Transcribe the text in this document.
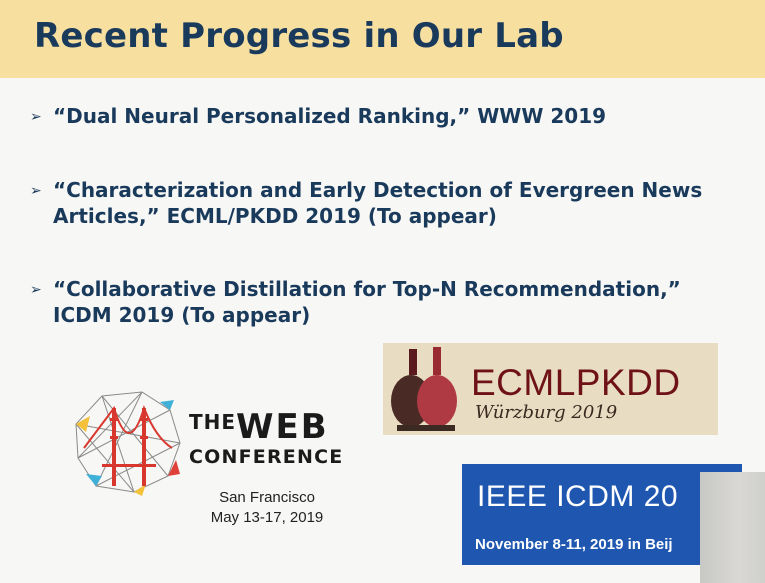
Recent Progress in Our Lab
➢ “Dual Neural Personalized Ranking,” WWW 2019
➢ “Characterization and Early Detection of Evergreen News Articles,” ECML/PKDD 2019 (To appear)
➢ “Collaborative Distillation for Top-N Recommendation,” ICDM 2019 (To appear)
THEWEB
CONFERENCE
San Francisco
May 13-17, 2019
ECMLPKDD
Würzburg 2019
IEEE ICDM 20
November 8-11, 2019 in Beij
